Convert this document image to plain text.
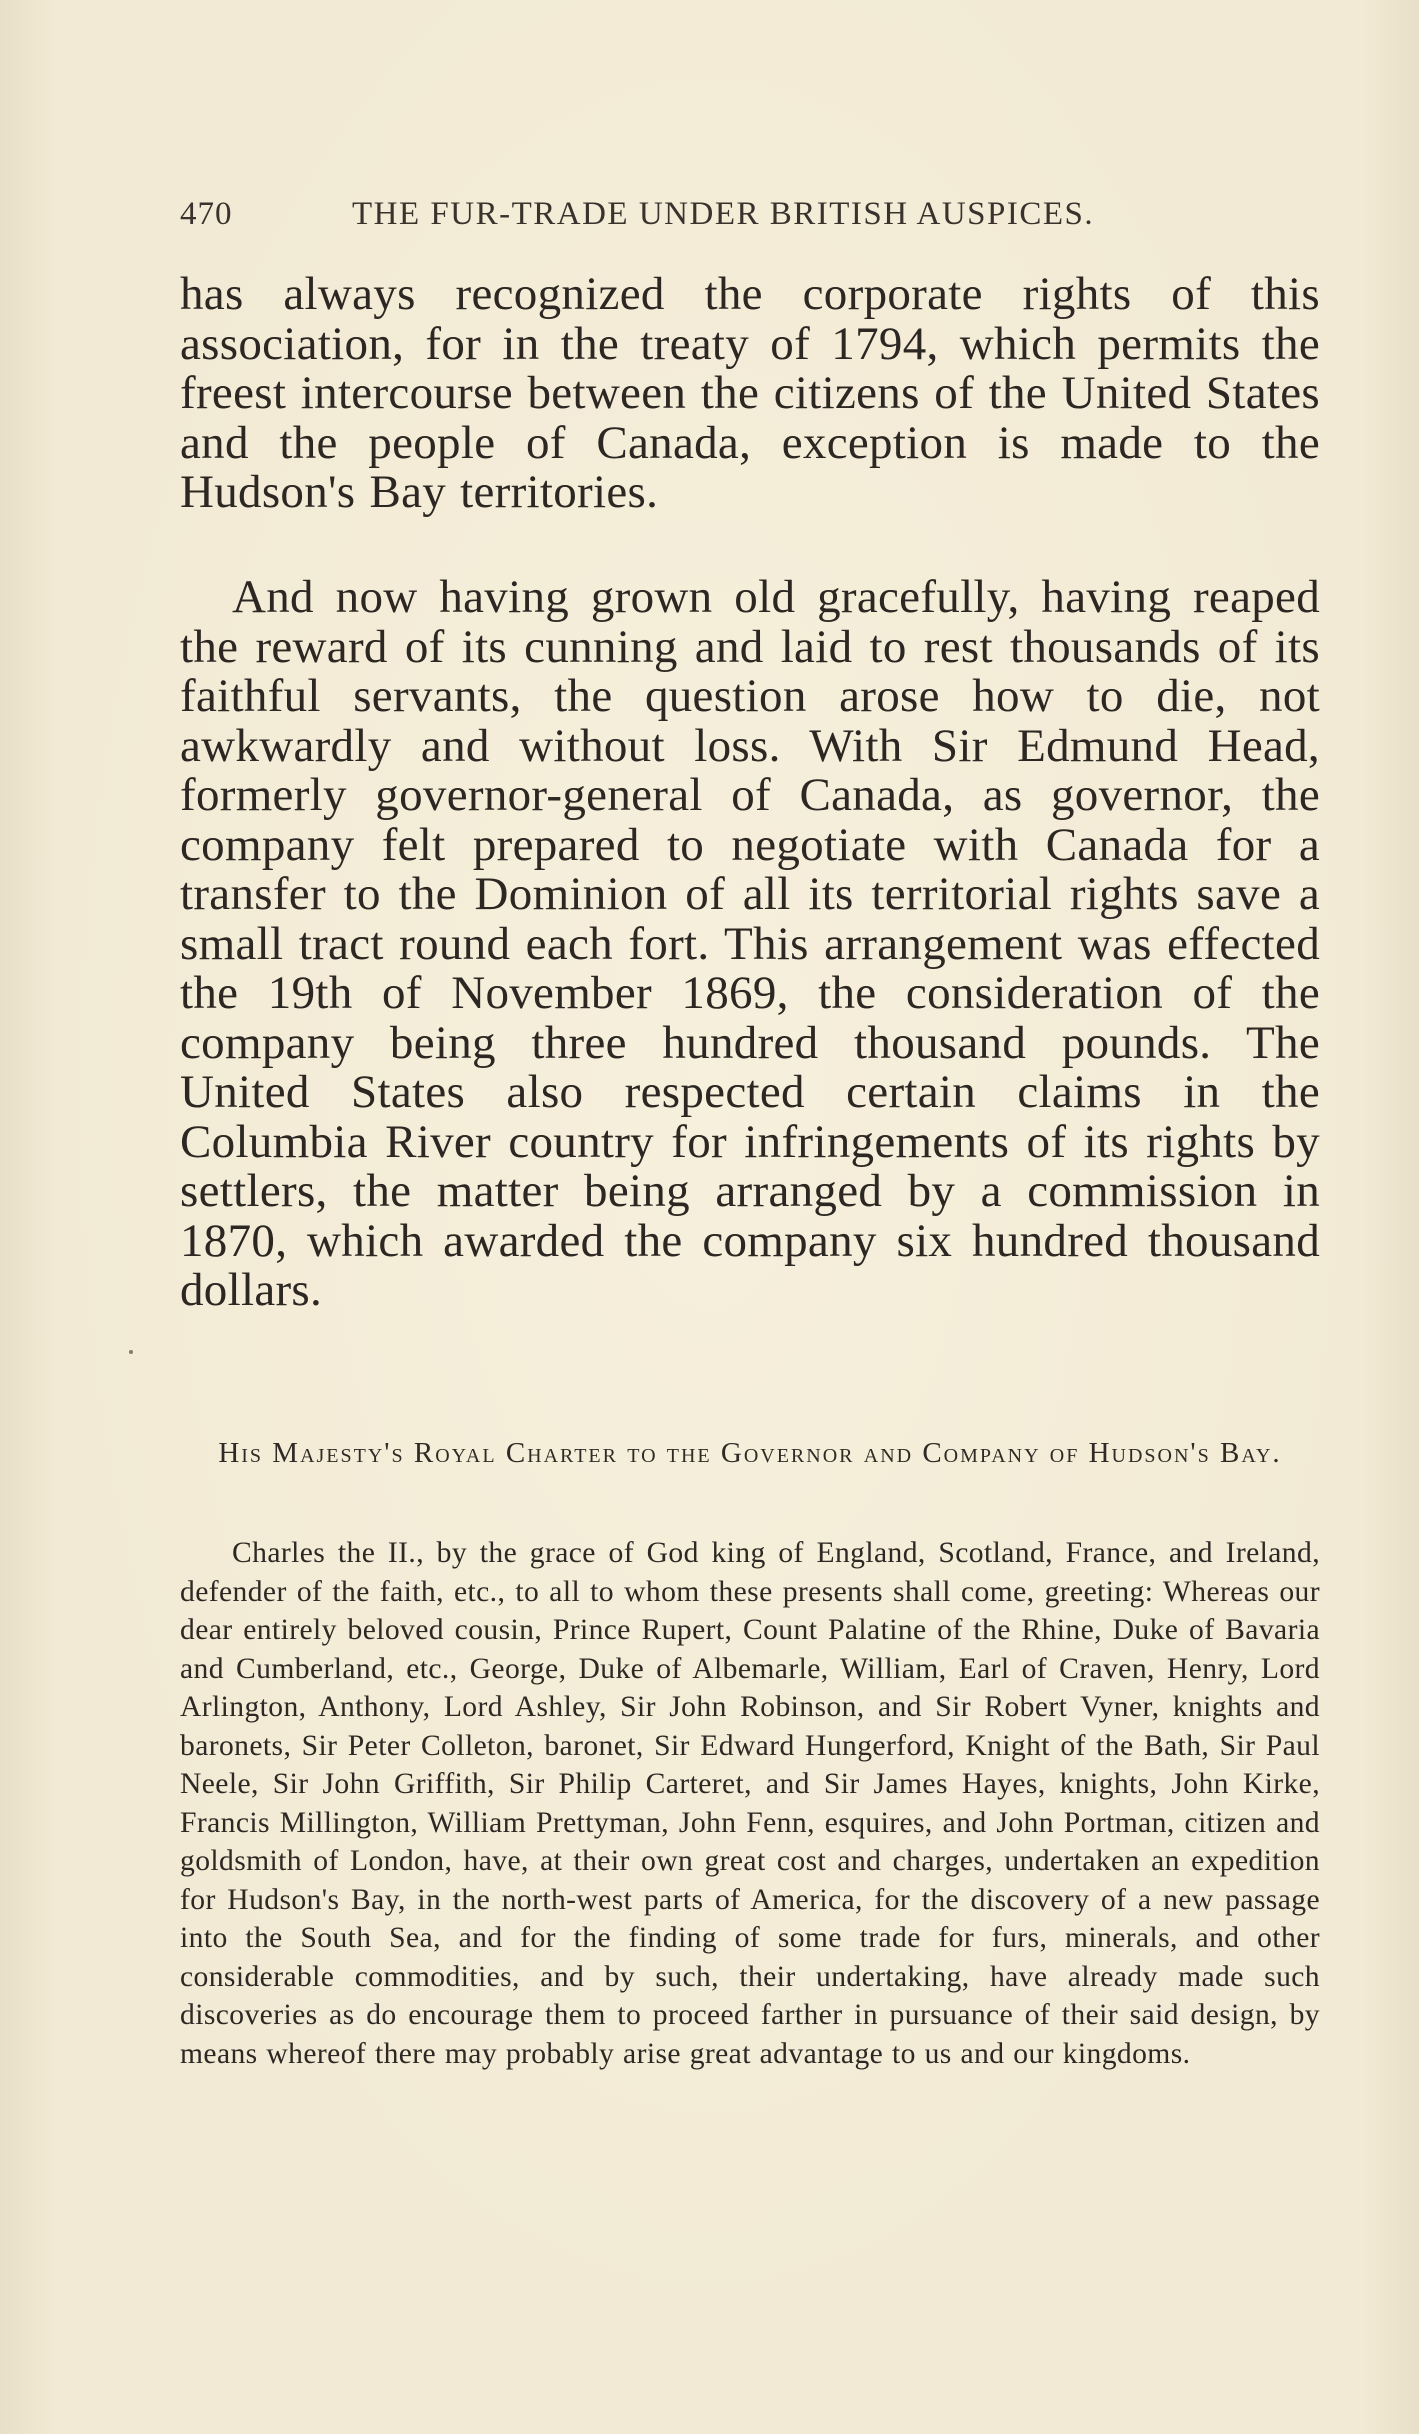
470	THE FUR-TRADE UNDER BRITISH AUSPICES.

has always recognized the corporate rights of this association, for in the treaty of 1794, which permits the freest intercourse between the citizens of the United States and the people of Canada, exception is made to the Hudson's Bay territories.

And now having grown old gracefully, having reaped the reward of its cunning and laid to rest thousands of its faithful servants, the question arose how to die, not awkwardly and without loss. With Sir Edmund Head, formerly governor-general of Canada, as governor, the company felt prepared to negotiate with Canada for a transfer to the Dominion of all its territorial rights save a small tract round each fort. This arrangement was effected the 19th of November 1869, the consideration of the company being three hundred thousand pounds. The United States also respected certain claims in the Columbia River country for infringements of its rights by settlers, the matter being arranged by a commission in 1870, which awarded the company six hundred thousand dollars.

His Majesty's Royal Charter to the Governor and Company of Hudson's Bay.

Charles the II., by the grace of God king of England, Scotland, France, and Ireland, defender of the faith, etc., to all to whom these presents shall come, greeting: Whereas our dear entirely beloved cousin, Prince Rupert, Count Palatine of the Rhine, Duke of Bavaria and Cumberland, etc., George, Duke of Albemarle, William, Earl of Craven, Henry, Lord Arlington, Anthony, Lord Ashley, Sir John Robinson, and Sir Robert Vyner, knights and baronets, Sir Peter Colleton, baronet, Sir Edward Hungerford, Knight of the Bath, Sir Paul Neele, Sir John Griffith, Sir Philip Carteret, and Sir James Hayes, knights, John Kirke, Francis Millington, William Prettyman, John Fenn, esquires, and John Portman, citizen and goldsmith of London, have, at their own great cost and charges, undertaken an expedition for Hudson's Bay, in the north-west parts of America, for the discovery of a new passage into the South Sea, and for the finding of some trade for furs, minerals, and other considerable commodities, and by such, their undertaking, have already made such discoveries as do encourage them to proceed farther in pursuance of their said design, by means whereof there may probably arise great advantage to us and our kingdoms.
